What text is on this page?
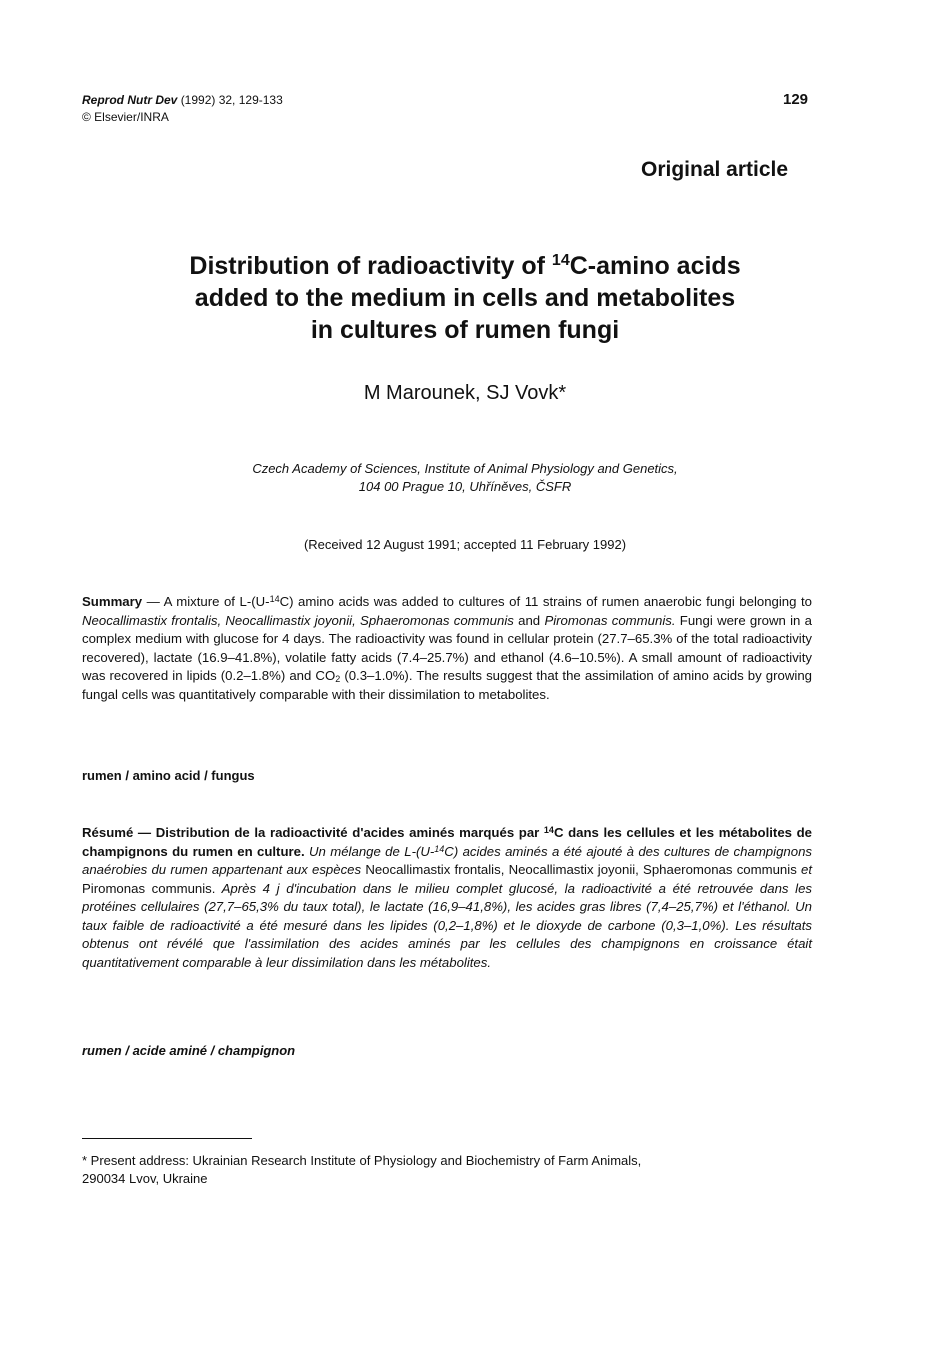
Reprod Nutr Dev (1992) 32, 129-133
© Elsevier/INRA
129
Original article
Distribution of radioactivity of $^{14}$C-amino acids
added to the medium in cells and metabolites
in cultures of rumen fungi
M Marounek, SJ Vovk*
Czech Academy of Sciences, Institute of Animal Physiology and Genetics,
104 00 Prague 10, Uhříněves, ČSFR
(Received 12 August 1991; accepted 11 February 1992)
Summary — A mixture of L-(U-$^{14}$C) amino acids was added to cultures of 11 strains of rumen anaerobic fungi belonging to Neocallimastix frontalis, Neocallimastix joyonii, Sphaeromonas communis and Piromonas communis. Fungi were grown in a complex medium with glucose for 4 days. The radioactivity was found in cellular protein (27.7–65.3% of the total radioactivity recovered), lactate (16.9–41.8%), volatile fatty acids (7.4–25.7%) and ethanol (4.6–10.5%). A small amount of radioactivity was recovered in lipids (0.2–1.8%) and $CO_2$ (0.3–1.0%). The results suggest that the assimilation of amino acids by growing fungal cells was quantitatively comparable with their dissimilation to metabolites.
rumen / amino acid / fungus
Résumé — Distribution de la radioactivité d'acides aminés marqués par $^{14}$C dans les cellules et les métabolites de champignons du rumen en culture. Un mélange de L-(U-$^{14}$C) acides aminés a été ajouté à des cultures de champignons anaérobies du rumen appartenant aux espèces Neocallimastix frontalis, Neocallimastix joyonii, Sphaeromonas communis et Piromonas communis. Après 4 j d'incubation dans le milieu complet glucosé, la radioactivité a été retrouvée dans les protéines cellulaires (27,7–65,3% du taux total), le lactate (16,9–41,8%), les acides gras libres (7,4–25,7%) et l'éthanol. Un taux faible de radioactivité a été mesuré dans les lipides (0,2–1,8%) et le dioxyde de carbone (0,3–1,0%). Les résultats obtenus ont révélé que l'assimilation des acides aminés par les cellules des champignons en croissance était quantitativement comparable à leur dissimilation dans les métabolites.
rumen / acide aminé / champignon
* Present address: Ukrainian Research Institute of Physiology and Biochemistry of Farm Animals,
290034 Lvov, Ukraine
